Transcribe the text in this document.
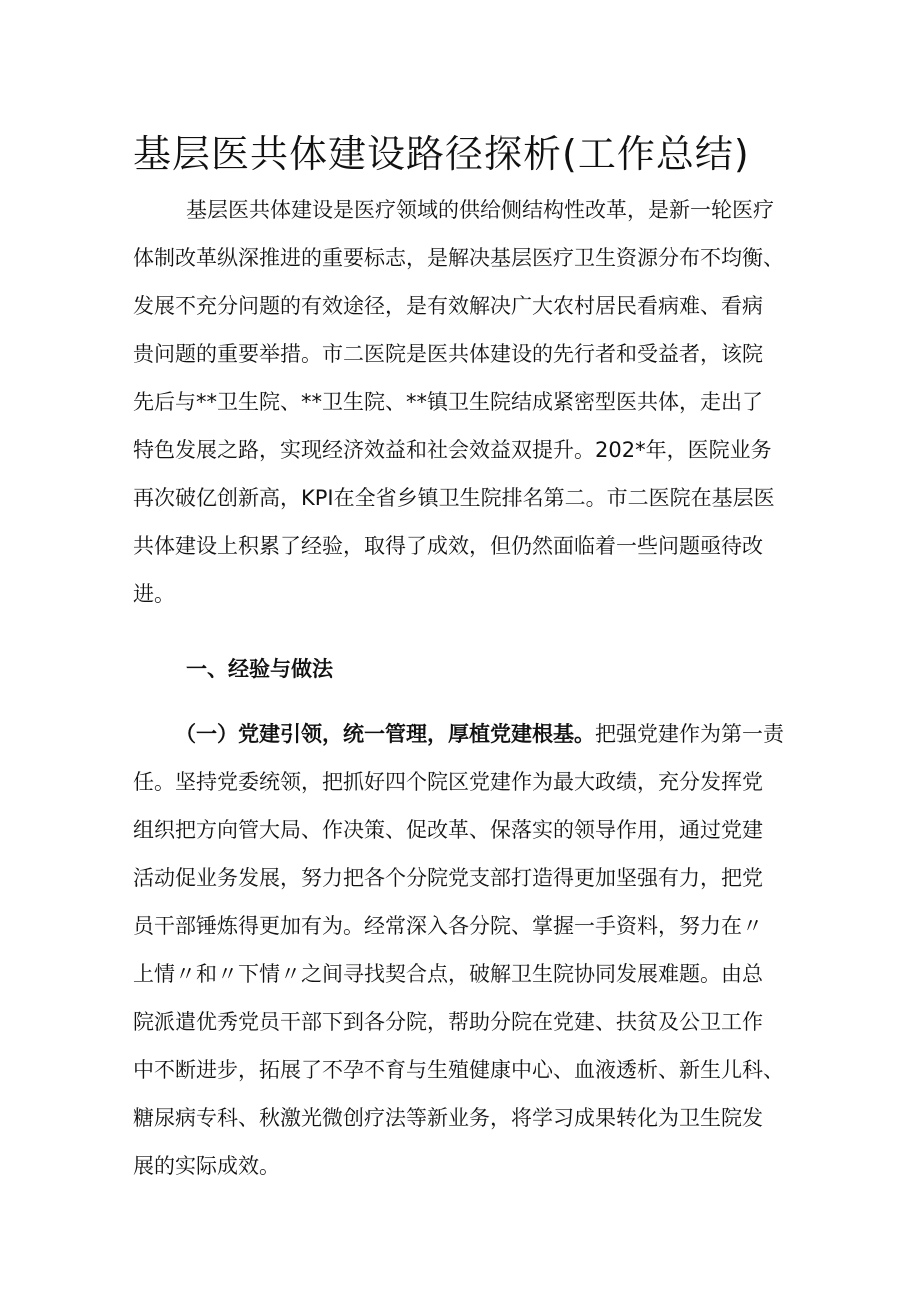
基层医共体建设路径探析(工作总结)

基层医共体建设是医疗领域的供给侧结构性改革，是新一轮医疗

体制改革纵深推进的重要标志，是解决基层医疗卫生资源分布不均衡、

发展不充分问题的有效途径，是有效解决广大农村居民看病难、看病

贵问题的重要举措。市二医院是医共体建设的先行者和受益者，该院

先后与**卫生院、**卫生院、**镇卫生院结成紧密型医共体，走出了

特色发展之路，实现经济效益和社会效益双提升。202*年，医院业务

再次破亿创新高，KPI在全省乡镇卫生院排名第二。市二医院在基层医

共体建设上积累了经验，取得了成效，但仍然面临着一些问题亟待改

进。

一、经验与做法

（一）党建引领，统一管理，厚植党建根基。把强党建作为第一责

任。坚持党委统领，把抓好四个院区党建作为最大政绩，充分发挥党

组织把方向管大局、作决策、促改革、保落实的领导作用，通过党建

活动促业务发展，努力把各个分院党支部打造得更加坚强有力，把党

员干部锤炼得更加有为。经常深入各分院、掌握一手资料，努力在〃

上情〃和〃下情〃之间寻找契合点，破解卫生院协同发展难题。由总

院派遣优秀党员干部下到各分院，帮助分院在党建、扶贫及公卫工作

中不断进步，拓展了不孕不育与生殖健康中心、血液透析、新生儿科、

糖尿病专科、秋激光微创疗法等新业务，将学习成果转化为卫生院发

展的实际成效。
